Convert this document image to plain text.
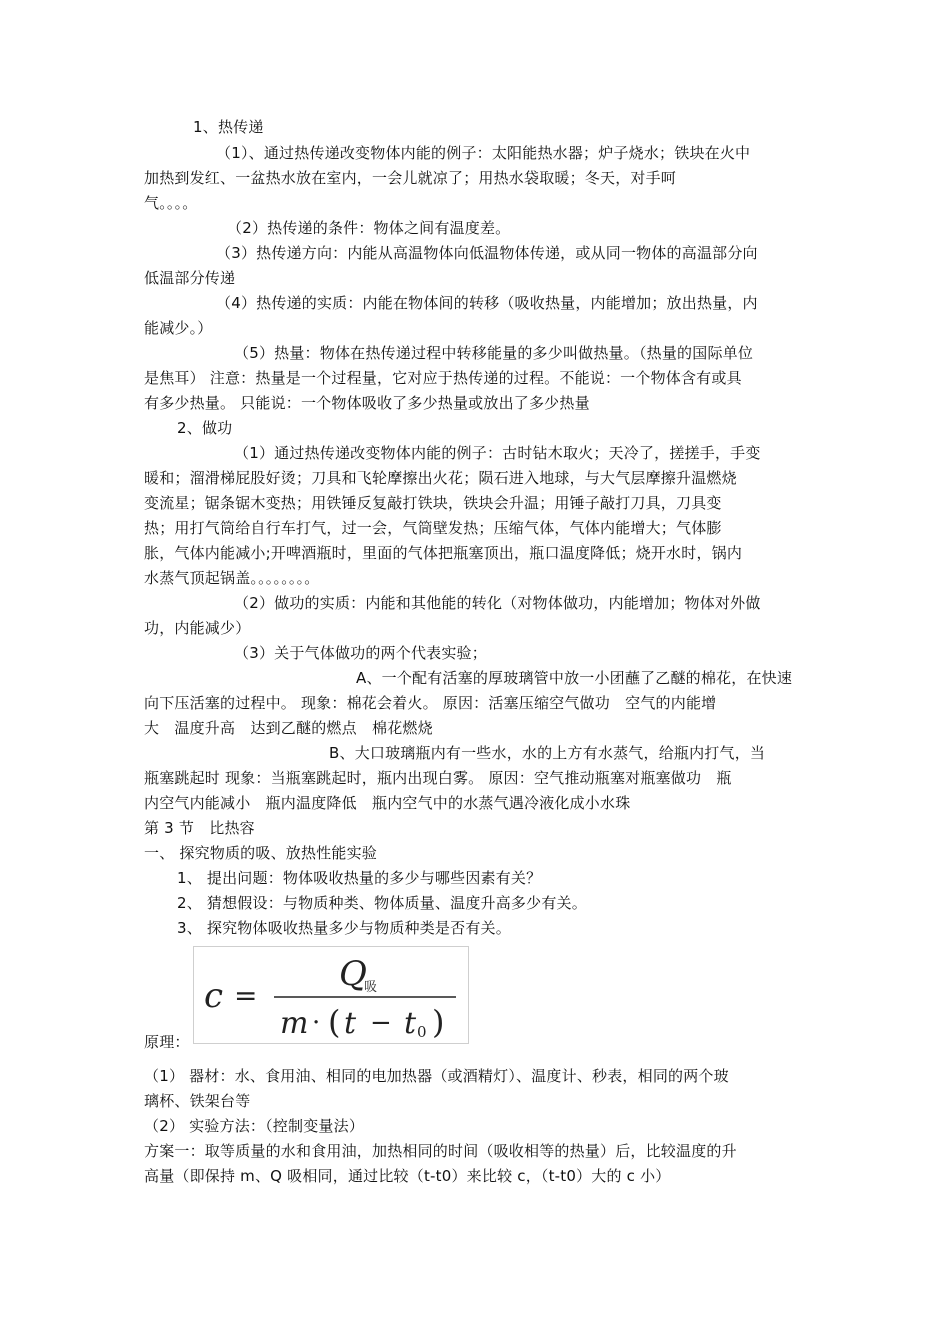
1、热传递
（1）、通过热传递改变物体内能的例子：太阳能热水器；炉子烧水；铁块在火中
加热到发红、一盆热水放在室内，一会儿就凉了；用热水袋取暖；冬天，对手呵
气。。。。
（2）热传递的条件：物体之间有温度差。
（3）热传递方向：内能从高温物体向低温物体传递，或从同一物体的高温部分向
低温部分传递
（4）热传递的实质：内能在物体间的转移（吸收热量，内能增加；放出热量，内
能减少。）
（5）热量：物体在热传递过程中转移能量的多少叫做热量。（热量的国际单位
是焦耳） 注意：热量是一个过程量，它对应于热传递的过程。不能说：一个物体含有或具
有多少热量。 只能说：一个物体吸收了多少热量或放出了多少热量
2、做功
（1）通过热传递改变物体内能的例子：古时钻木取火；天冷了，搓搓手，手变
暖和；溜滑梯屁股好烫；刀具和飞轮摩擦出火花；陨石进入地球，与大气层摩擦升温燃烧
变流星；锯条锯木变热；用铁锤反复敲打铁块，铁块会升温；用锤子敲打刀具，刀具变
热；用打气筒给自行车打气，过一会，气筒壁发热；压缩气体，气体内能增大；气体膨
胀，气体内能减小;开啤酒瓶时，里面的气体把瓶塞顶出，瓶口温度降低；烧开水时，锅内
水蒸气顶起锅盖。。。。。。。。
（2）做功的实质：内能和其他能的转化（对物体做功，内能增加；物体对外做
功，内能减少）
（3）关于气体做功的两个代表实验；
A、一个配有活塞的厚玻璃管中放一小团蘸了乙醚的棉花，在快速
向下压活塞的过程中。 现象：棉花会着火。 原因：活塞压缩空气做功　空气的内能增
大　温度升高　达到乙醚的燃点　棉花燃烧
B、大口玻璃瓶内有一些水，水的上方有水蒸气，给瓶内打气，当
瓶塞跳起时 现象：当瓶塞跳起时，瓶内出现白雾。 原因：空气推动瓶塞对瓶塞做功　瓶
内空气内能减小　瓶内温度降低　瓶内空气中的水蒸气遇冷液化成小水珠
第 3 节　比热容
一、 探究物质的吸、放热性能实验
1、 提出问题：物体吸收热量的多少与哪些因素有关？
2、 猜想假设：与物质种类、物体质量、温度升高多少有关。
3、 探究物体吸收热量多少与物质种类是否有关。
c =
Q
吸
m · ( t − t 0 )
原理：
（1） 器材：水、食用油、相同的电加热器（或酒精灯）、温度计、秒表，相同的两个玻
璃杯、铁架台等
（2） 实验方法：（控制变量法）
方案一：取等质量的水和食用油，加热相同的时间（吸收相等的热量）后，比较温度的升
高量（即保持 m、Q 吸相同，通过比较（t-t0）来比较 c，（t-t0）大的 c 小）
